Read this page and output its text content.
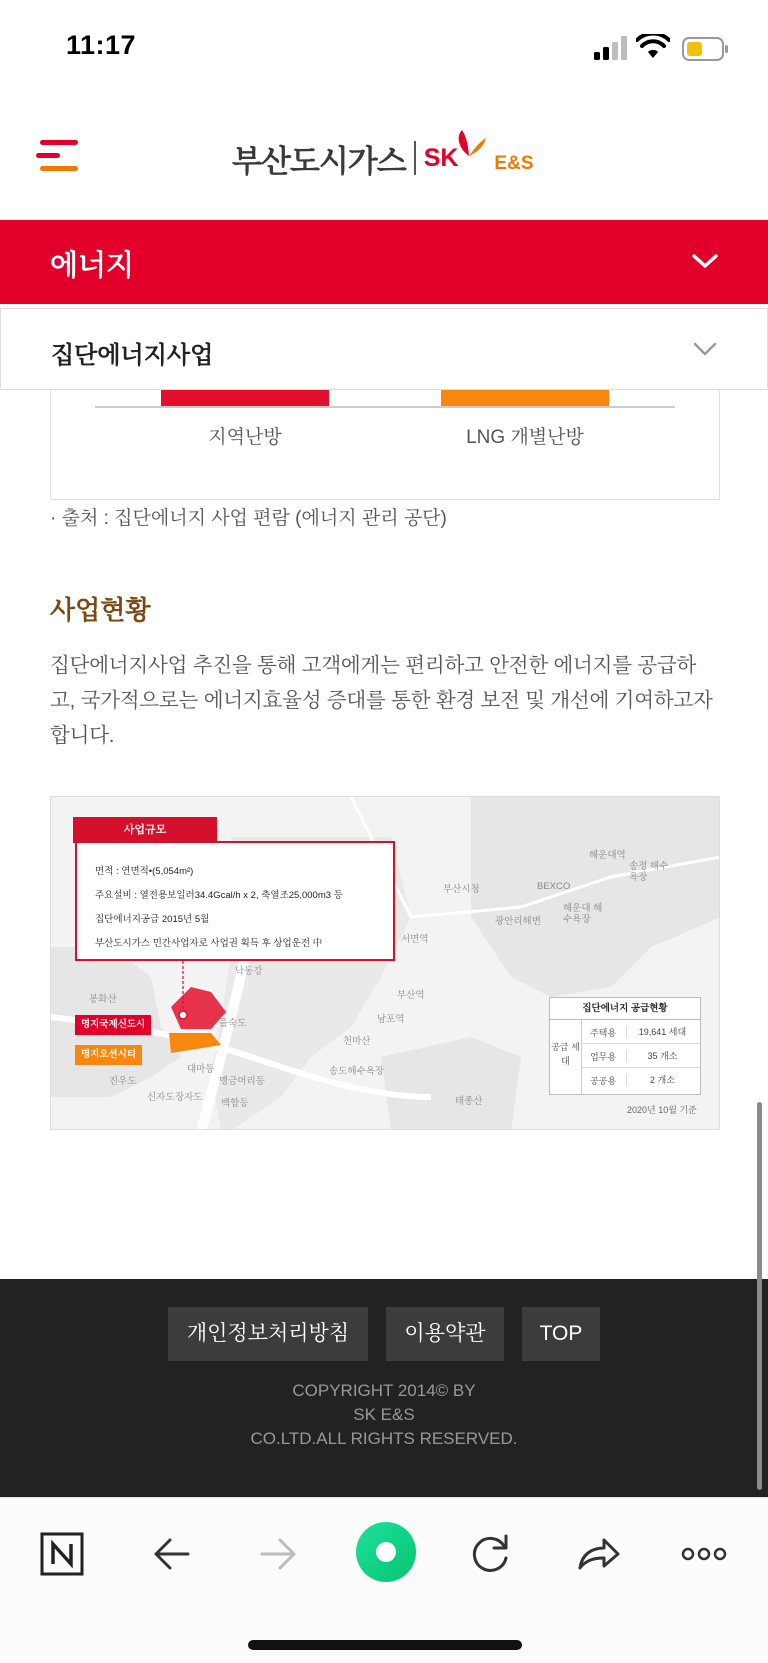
11:17
부산도시가스 SK E&S
에너지
집단에너지사업
지역난방	LNG 개별난방
· 출처 : 집단에너지 사업 편람 (에너지 관리 공단)
사업현황
집단에너지사업 추진을 통해 고객에게는 편리하고 안전한 에너지를 공급하고, 국가적으로는 에너지효율성 증대를 통한 환경 보전 및 개선에 기여하고자 합니다.
해운대역
송정 해수욕장
부산시청	BEXCO
광안리해변
해운대 해수욕장
서면역
낙동강
봉화산	부산역
남포역
을숙도
천마산
송도해수욕장
대마등
맹금머리등
진우도
신자도 장자도
백합등	태종산
면적 : 연면적•(5,054m²)
주요설비 : 열전용보일러34.4Gcal/h x 2, 축열조25,000m3 등
집단에너지공급 2015년 5월
부산도시가스 민간사업자로 사업권 획득 후 상업운전 中
사업규모
명지국제신도시
명지오션시티
집단에너지 공급현황
공급 세대
주택용	19,641 세대
업무용	35 개소
공공용	2 개소
2020년 10월 기준
개인정보처리방침	이용약관	TOP
COPYRIGHT 2014© BY
SK E&S
CO.LTD.ALL RIGHTS RESERVED.
